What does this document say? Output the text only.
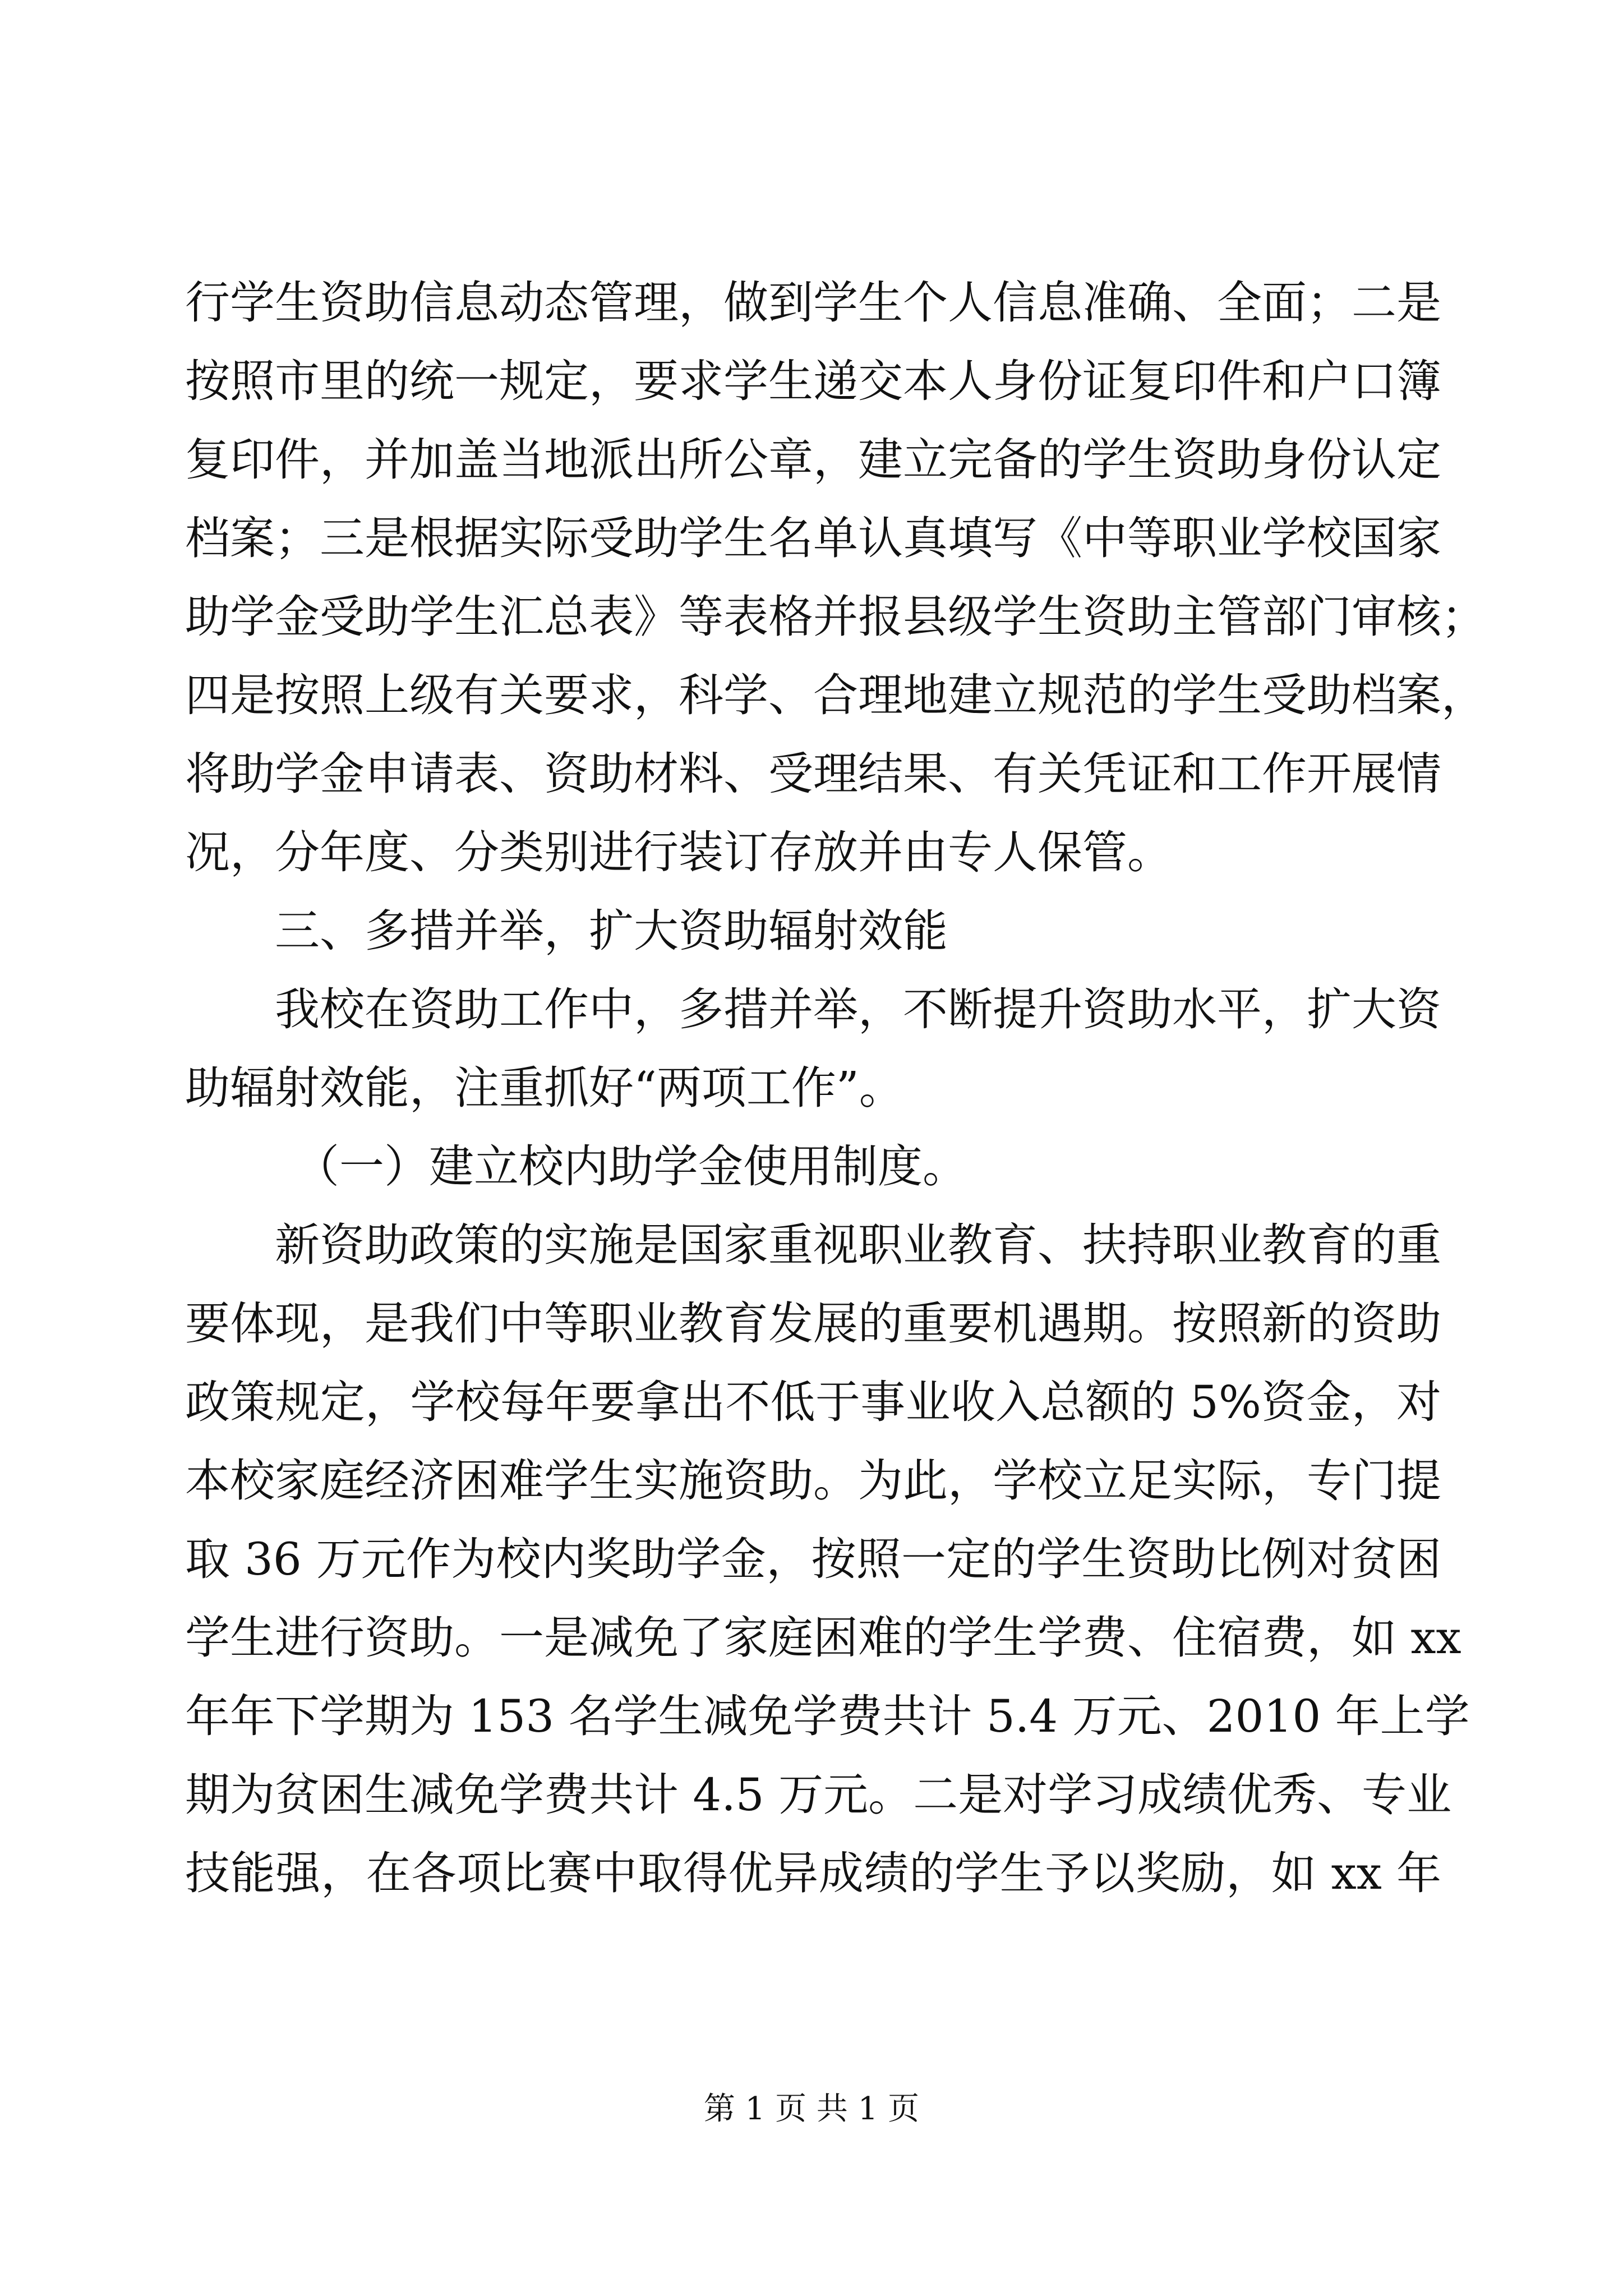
行学生资助信息动态管理，做到学生个人信息准确、全面；二是
按照市里的统一规定，要求学生递交本人身份证复印件和户口簿
复印件，并加盖当地派出所公章，建立完备的学生资助身份认定
档案；三是根据实际受助学生名单认真填写《中等职业学校国家
助学金受助学生汇总表》等表格并报县级学生资助主管部门审核；
四是按照上级有关要求，科学、合理地建立规范的学生受助档案，
将助学金申请表、资助材料、受理结果、有关凭证和工作开展情
况，分年度、分类别进行装订存放并由专人保管。
三、多措并举，扩大资助辐射效能
我校在资助工作中，多措并举，不断提升资助水平，扩大资
助辐射效能，注重抓好“两项工作”。
（一）建立校内助学金使用制度。
新资助政策的实施是国家重视职业教育、扶持职业教育的重
要体现，是我们中等职业教育发展的重要机遇期。按照新的资助
政策规定，学校每年要拿出不低于事业收入总额的 5%资金，对
本校家庭经济困难学生实施资助。为此，学校立足实际，专门提
取 36 万元作为校内奖助学金，按照一定的学生资助比例对贫困
学生进行资助。一是减免了家庭困难的学生学费、住宿费，如 xx
年年下学期为 153 名学生减免学费共计 5.4 万元、2010 年上学
期为贫困生减免学费共计 4.5 万元。二是对学习成绩优秀、专业
技能强，在各项比赛中取得优异成绩的学生予以奖励，如 xx 年
第 1 页 共 1 页
